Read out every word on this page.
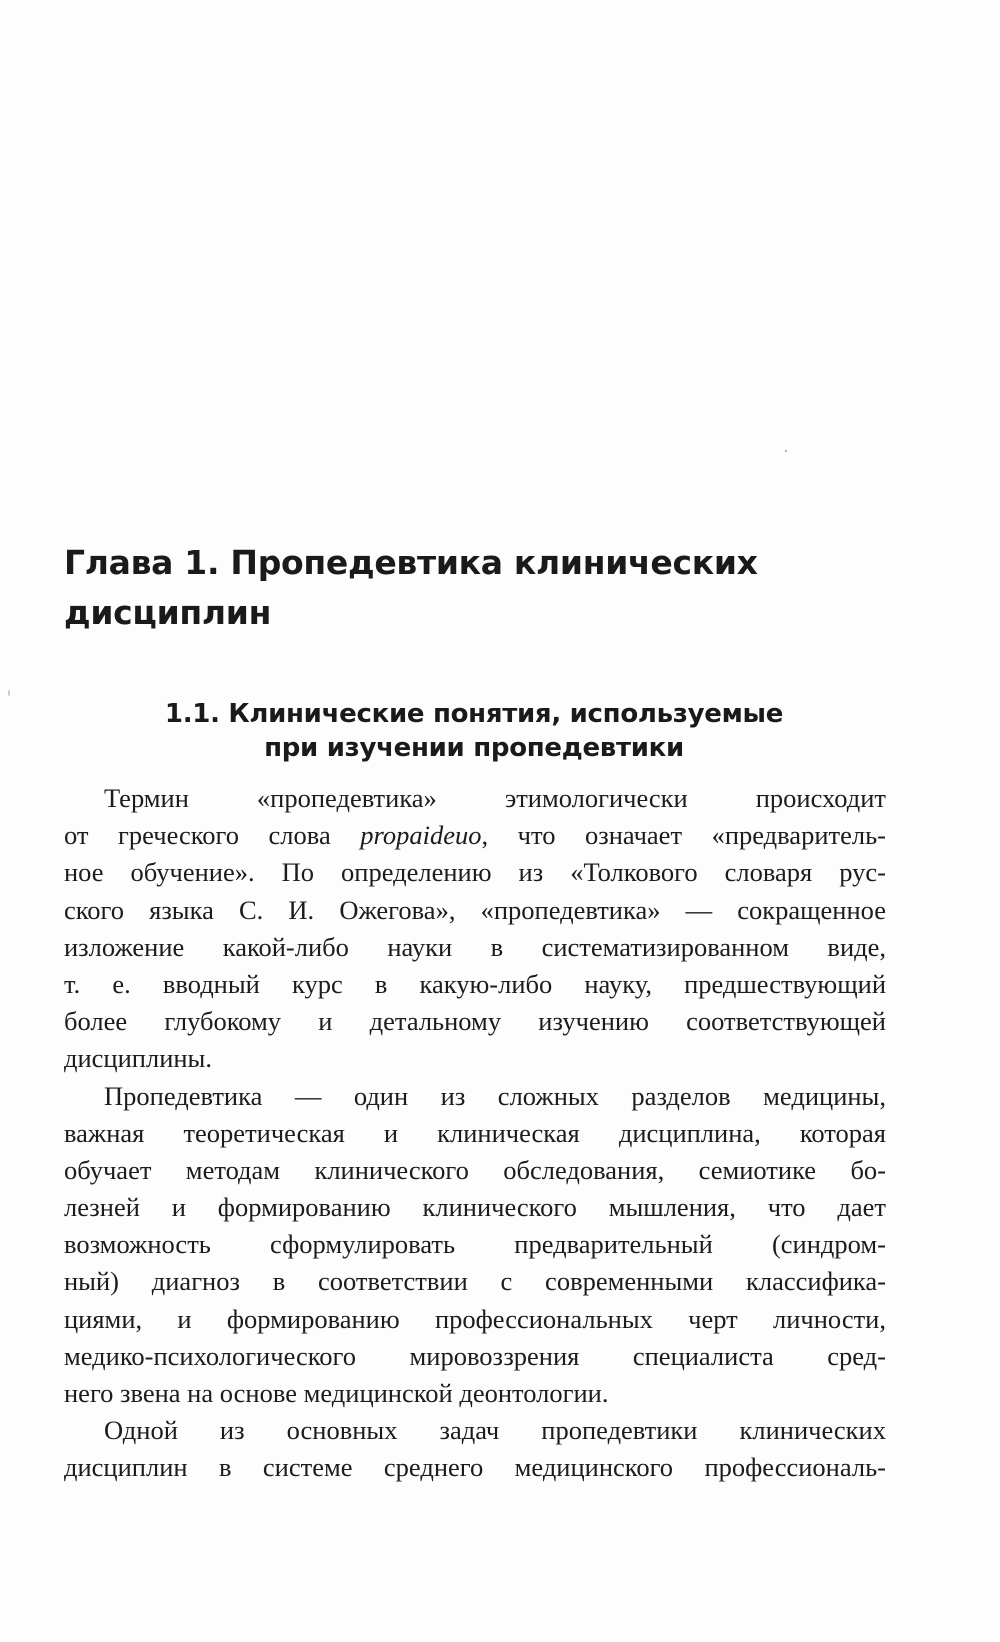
Глава 1. Пропедевтика клинических
дисциплин
1.1. Клинические понятия, используемые
при изучении пропедевтики

Термин «пропедевтика» этимологически происходит
от греческого слова propaideuo, что означает «предваритель-
ное обучение». По определению из «Толкового словаря рус-
ского языка С. И. Ожегова», «пропедевтика» — сокращенное
изложение какой-либо науки в систематизированном виде,
т. е. вводный курс в какую-либо науку, предшествующий
более глубокому и детальному изучению соответствующей
дисциплины.

Пропедевтика — один из сложных разделов медицины,
важная теоретическая и клиническая дисциплина, которая
обучает методам клинического обследования, семиотике бо-
лезней и формированию клинического мышления, что дает
возможность сформулировать предварительный (синдром-
ный) диагноз в соответствии с современными классифика-
циями, и формированию профессиональных черт личности,
медико-психологического мировоззрения специалиста сред-
него звена на основе медицинской деонтологии.

Одной из основных задач пропедевтики клинических
дисциплин в системе среднего медицинского профессиональ-
